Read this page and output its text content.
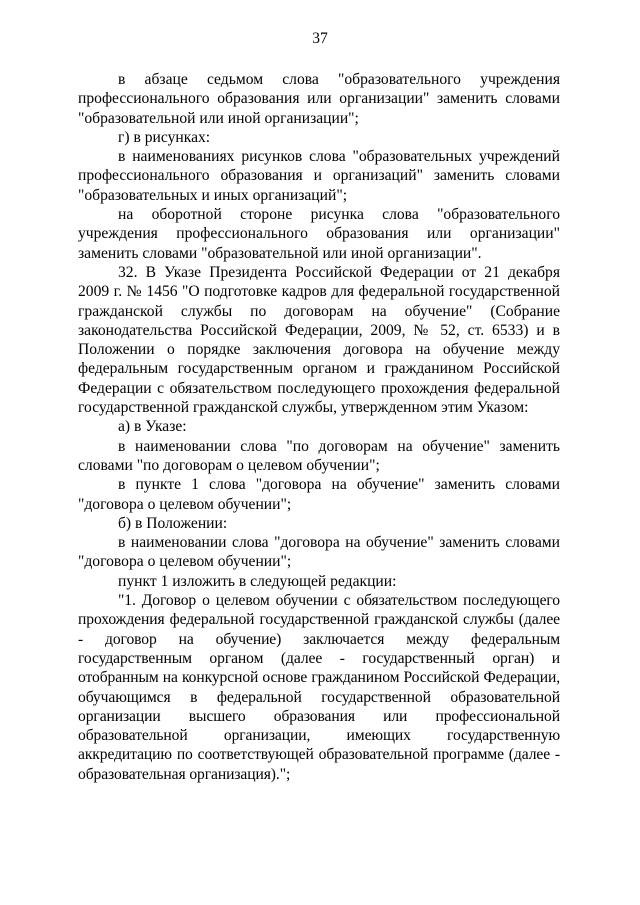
37

в абзаце седьмом слова "образовательного учреждения профессионального образования или организации" заменить словами "образовательной или иной организации";

г) в рисунках:

в наименованиях рисунков слова "образовательных учреждений профессионального образования и организаций" заменить словами "образовательных и иных организаций";

на оборотной стороне рисунка слова "образовательного учреждения профессионального образования или организации" заменить словами "образовательной или иной организации".

32. В Указе Президента Российской Федерации от 21 декабря 2009 г. № 1456 "О подготовке кадров для федеральной государственной гражданской службы по договорам на обучение" (Собрание законодательства Российской Федерации, 2009, № 52, ст. 6533) и в Положении о порядке заключения договора на обучение между федеральным государственным органом и гражданином Российской Федерации с обязательством последующего прохождения федеральной государственной гражданской службы, утвержденном этим Указом:

а) в Указе:

в наименовании слова "по договорам на обучение" заменить словами "по договорам о целевом обучении";

в пункте 1 слова "договора на обучение" заменить словами "договора о целевом обучении";

б) в Положении:

в наименовании слова "договора на обучение" заменить словами "договора о целевом обучении";

пункт 1 изложить в следующей редакции:

"1. Договор о целевом обучении с обязательством последующего прохождения федеральной государственной гражданской службы (далее - договор на обучение) заключается между федеральным государственным органом (далее - государственный орган) и отобранным на конкурсной основе гражданином Российской Федерации, обучающимся в федеральной государственной образовательной организации высшего образования или профессиональной образовательной организации, имеющих государственную аккредитацию по соответствующей образовательной программе (далее - образовательная организация).";
